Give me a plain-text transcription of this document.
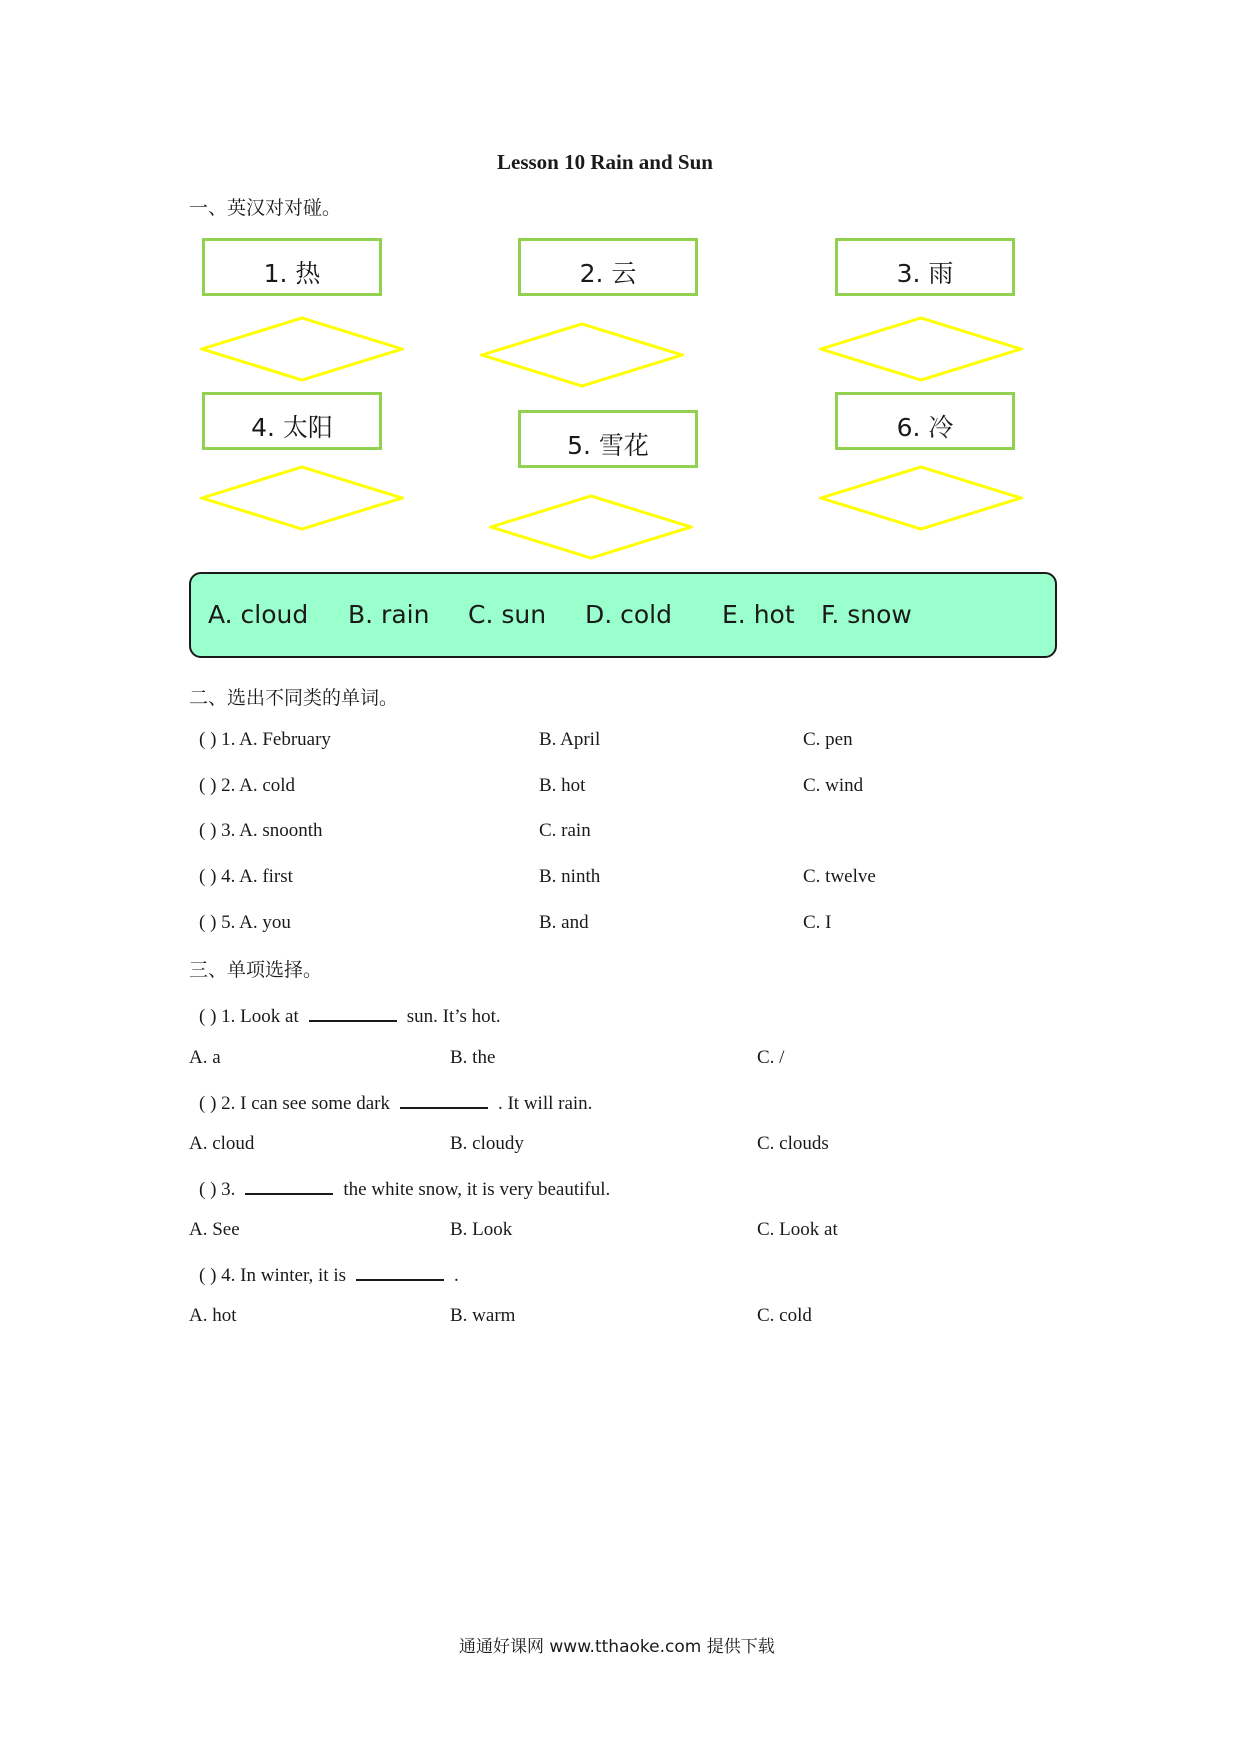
Lesson 10 Rain and Sun
一、英汉对对碰。
1. 热	2. 云	3. 雨
4. 太阳
5. 雪花
6. 冷
A. cloud B. rain C. sun D. cold E. hot F. snow
二、选出不同类的单词。
( ) 1. A. February	B. April	C. pen
( ) 2. A. cold	B. hot	C. wind
( ) 3. A. snoonth	C. rain
( ) 4. A. first	B. ninth	C. twelve
( ) 5. A. you	B. and	C. I
三、单项选择。
( ) 1. Look at	sun. It’s hot.
A. a	B. the	C. /
( ) 2. I can see some dark	. It will rain.
A. cloud	B. cloudy	C. clouds
( ) 3.	the white snow, it is very beautiful.
A. See	B. Look	C. Look at
( ) 4. In winter, it is	.
A. hot	B. warm	C. cold
通通好课网 www.tthaoke.com 提供下载
